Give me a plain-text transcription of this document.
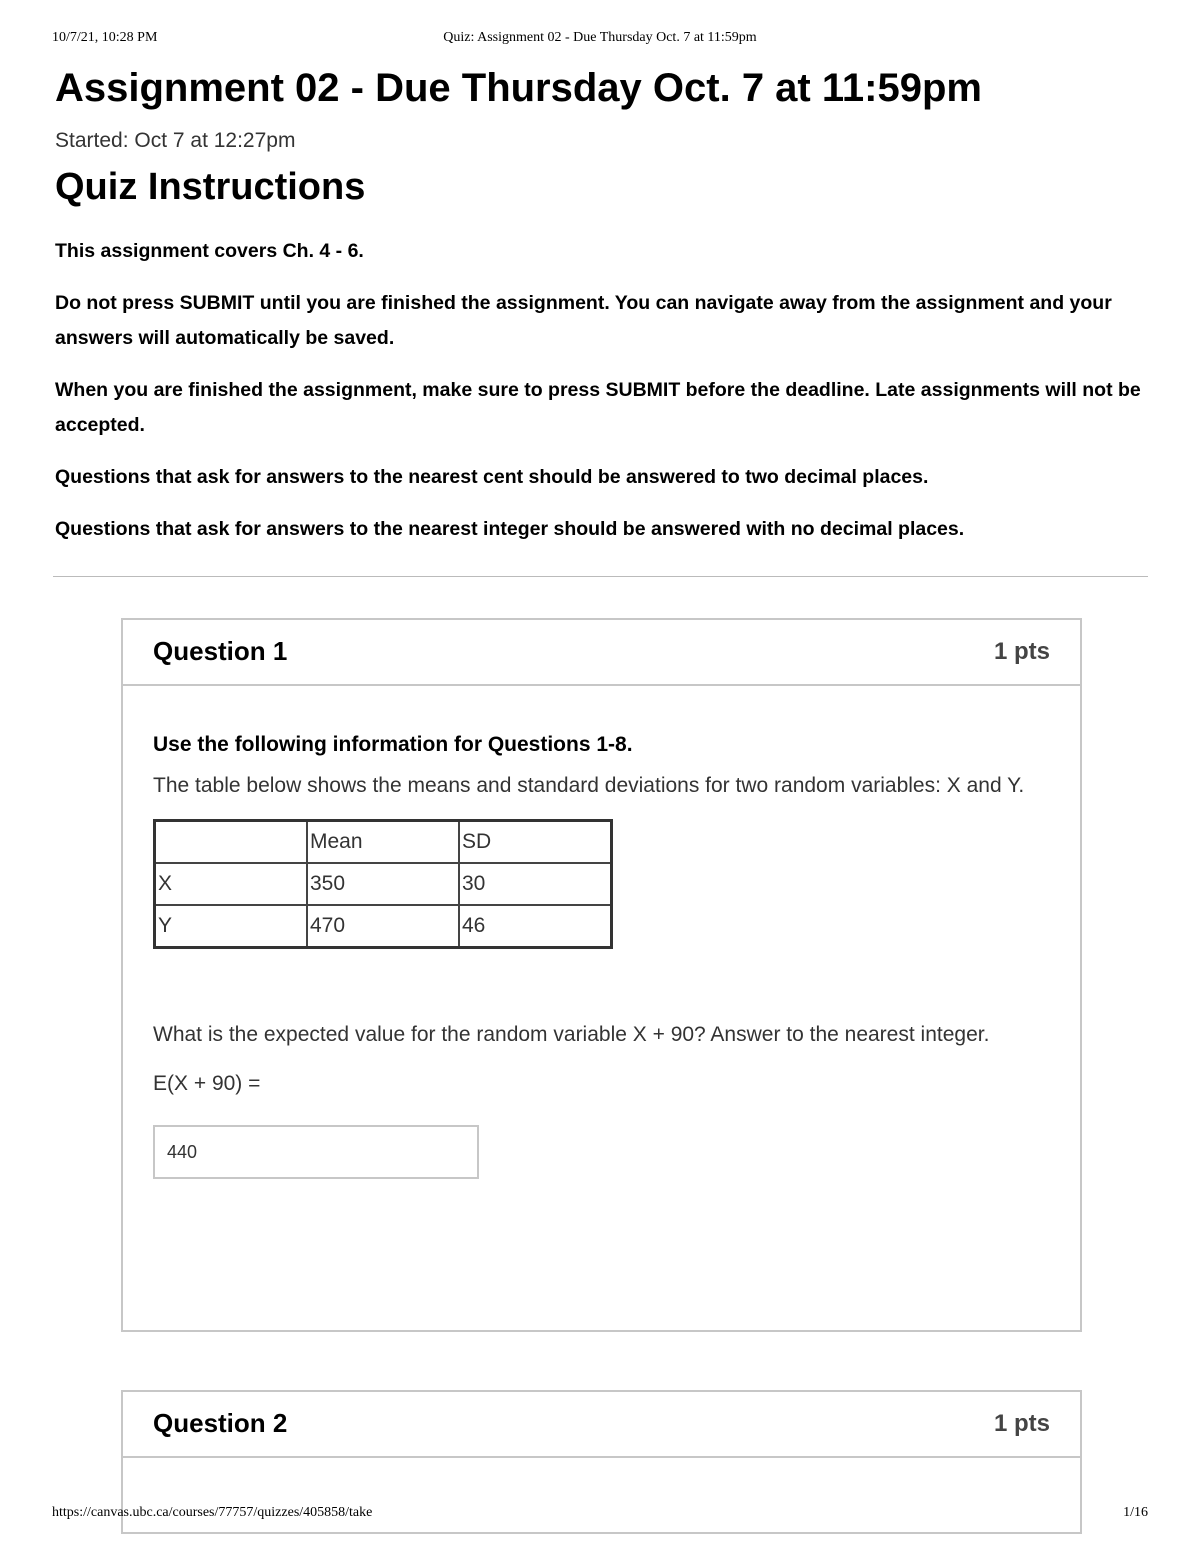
10/7/21, 10:28 PM	Quiz: Assignment 02 - Due Thursday Oct. 7 at 11:59pm
Assignment 02 - Due Thursday Oct. 7 at 11:59pm
Started: Oct 7 at 12:27pm
Quiz Instructions

This assignment covers Ch. 4 - 6.

Do not press SUBMIT until you are finished the assignment. You can navigate away from the assignment and your answers will automatically be saved.

When you are finished the assignment, make sure to press SUBMIT before the deadline. Late assignments will not be accepted.

Questions that ask for answers to the nearest cent should be answered to two decimal places.

Questions that ask for answers to the nearest integer should be answered with no decimal places.

Question 1	1 pts
Use the following information for Questions 1-8.
The table below shows the means and standard deviations for two random variables: X and Y.
	Mean	SD
X	350	30
Y	470	46
What is the expected value for the random variable X + 90? Answer to the nearest integer.
E(X + 90) =
440
Question 2	1 pts
https://canvas.ubc.ca/courses/77757/quizzes/405858/take	1/16
